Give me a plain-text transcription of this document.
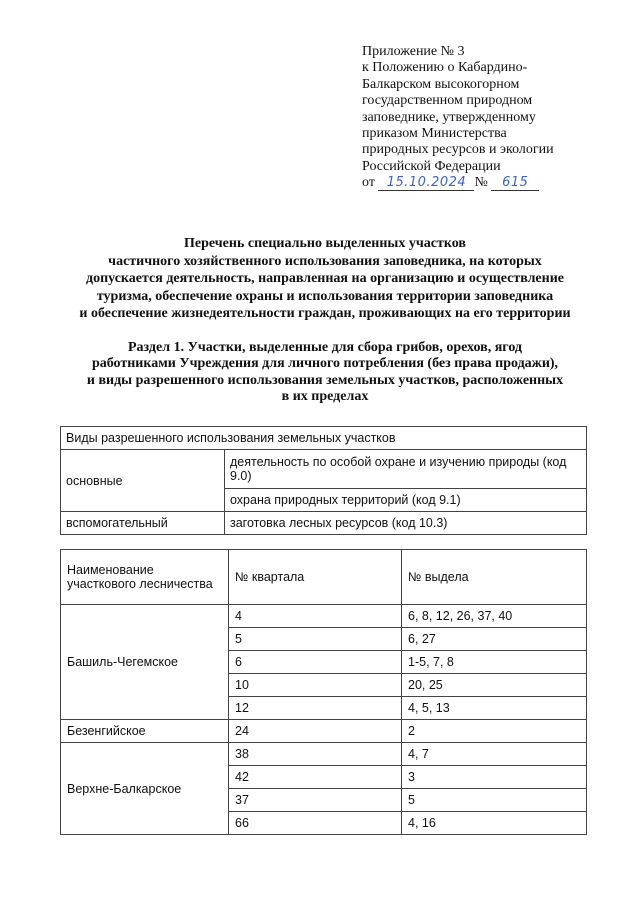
Приложение № 3
к Положению о Кабардино-
Балкарском высокогорном
государственном природном
заповеднике, утвержденному
приказом Министерства
природных ресурсов и экологии
Российской Федерации
от 15.10.2024 № 615
Перечень специально выделенных участков
частичного хозяйственного использования заповедника, на которых
допускается деятельность, направленная на организацию и осуществление
туризма, обеспечение охраны и использования территории заповедника
и обеспечение жизнедеятельности граждан, проживающих на его территории
Раздел 1. Участки, выделенные для сбора грибов, орехов, ягод
работниками Учреждения для личного потребления (без права продажи),
и виды разрешенного использования земельных участков, расположенных
в их пределах
Виды разрешенного использования земельных участков	
основные	деятельность по особой охране и изучению природы (код 9.0)
	охрана природных территорий (код 9.1)
вспомогательный	заготовка лесных ресурсов (код 10.3)
Наименование участкового лесничества	№ квартала	№ выдела
Башиль-Чегемское	4	6, 8, 12, 26, 37, 40
	5	6, 27
	6	1-5, 7, 8
	10	20, 25
	12	4, 5, 13
Безенгийское	24	2
Верхне-Балкарское	38	4, 7
	42	3
	37	5
	66	4, 16
